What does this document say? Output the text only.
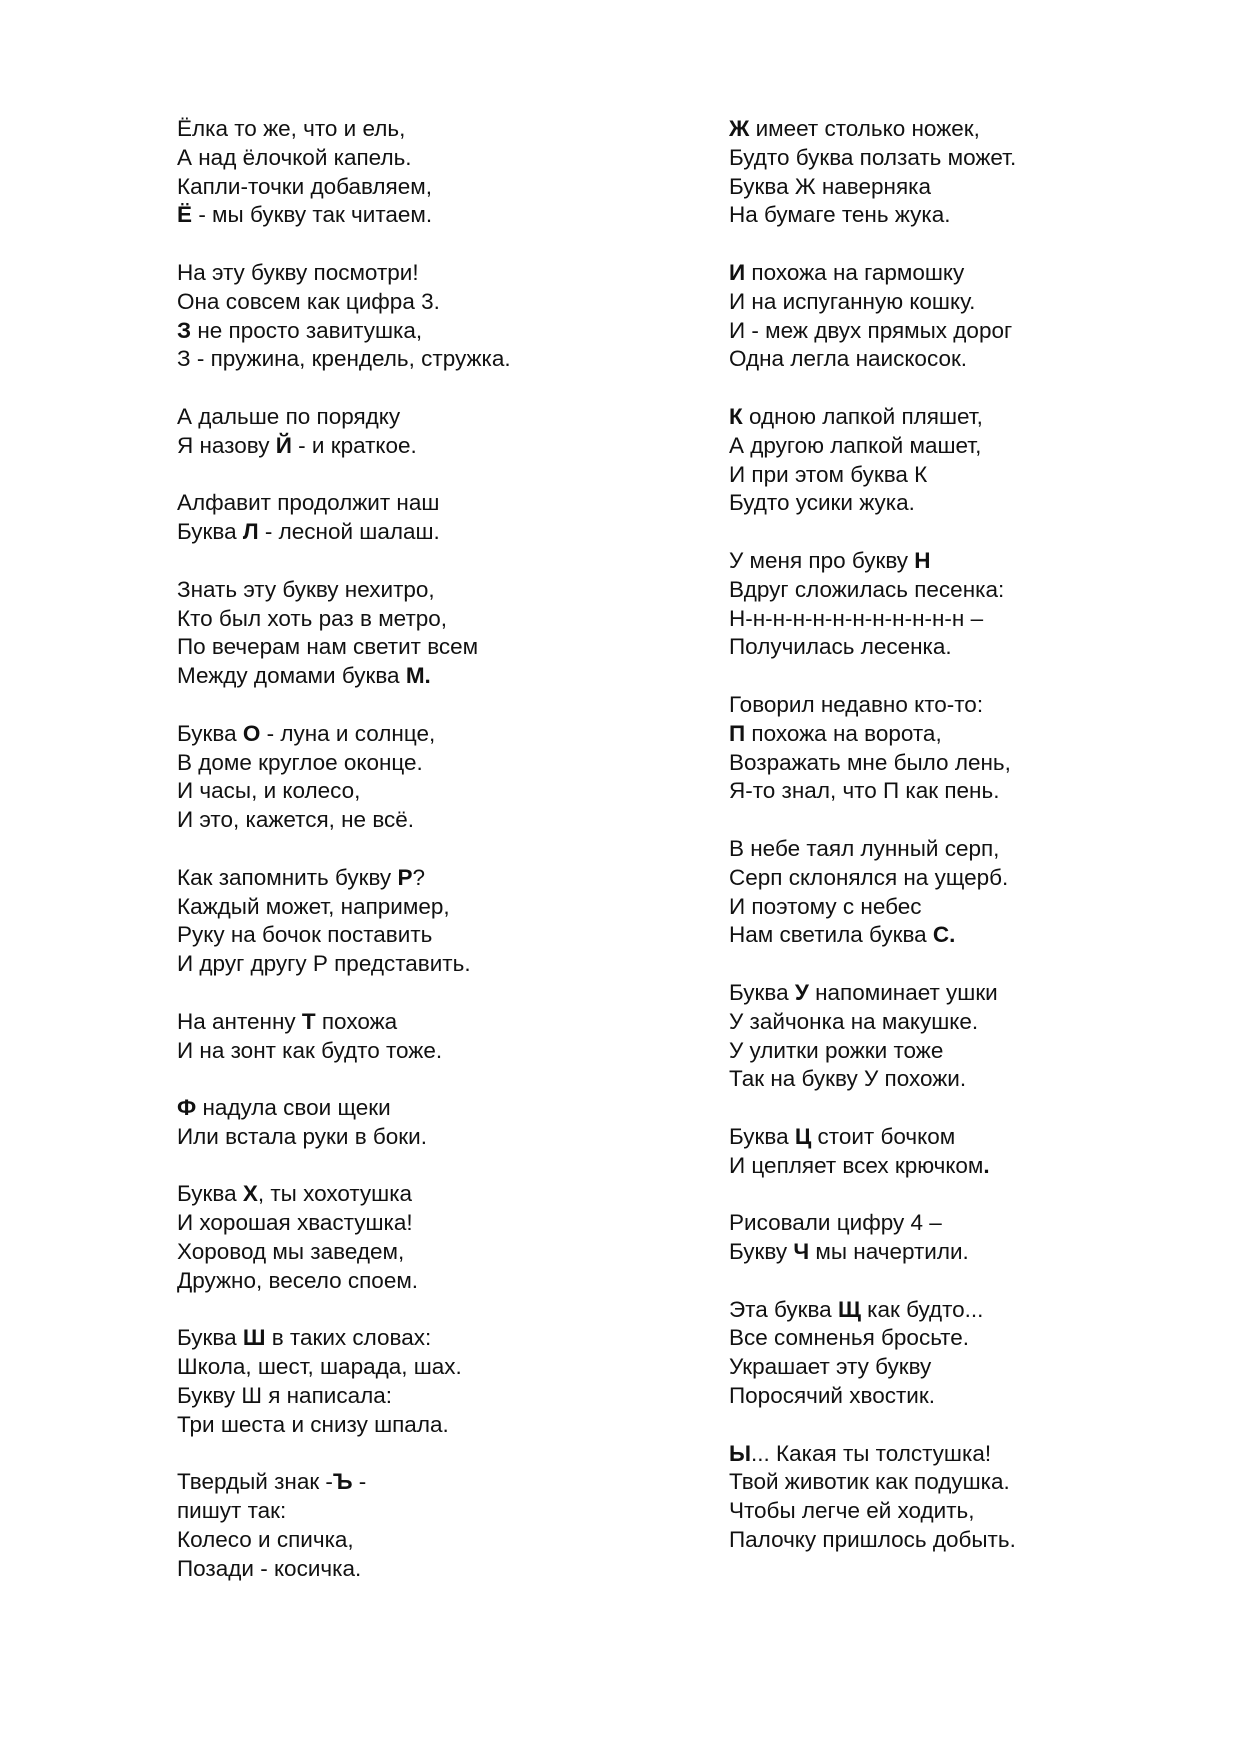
Ёлка то же, что и ель,
А над ёлочкой капель.
Капли-точки добавляем,
Ё - мы букву так читаем.
На эту букву посмотри!
Она совсем как цифра 3.
З не просто завитушка,
З - пружина, крендель, стружка.
А дальше по порядку
Я назову Й - и краткое.
Алфавит продолжит наш
Буква Л - лесной шалаш.
Знать эту букву нехитро,
Кто был хоть раз в метро,
По вечерам нам светит всем
Между домами буква М.
Буква О - луна и солнце,
В доме круглое оконце.
И часы, и колесо,
И это, кажется, не всё.
Как запомнить букву Р?
Каждый может, например,
Руку на бочок поставить
И друг другу Р представить.
На антенну Т похожа
И на зонт как будто тоже.
Ф надула свои щеки
Или встала руки в боки.
Буква Х, ты хохотушка
И хорошая хвастушка!
Хоровод мы заведем,
Дружно, весело споем.
Буква Ш в таких словах:
Школа, шест, шарада, шах.
Букву Ш я написала:
Три шеста и снизу шпала.
Твердый знак -Ъ -
пишут так:
Колесо и спичка,
Позади - косичка.
Ж имеет столько ножек,
Будто буква ползать может.
Буква Ж наверняка
На бумаге тень жука.
И похожа на гармошку
И на испуганную кошку.
И - меж двух прямых дорог
Одна легла наискосок.
К одною лапкой пляшет,
А другою лапкой машет,
И при этом буква К
Будто усики жука.
У меня про букву Н
Вдруг сложилась песенка:
Н-н-н-н-н-н-н-н-н-н-н-н –
Получилась лесенка.
Говорил недавно кто-то:
П похожа на ворота,
Возражать мне было лень,
Я-то знал, что П как пень.
В небе таял лунный серп,
Серп склонялся на ущерб.
И поэтому с небес
Нам светила буква С.
Буква У напоминает ушки
У зайчонка на макушке.
У улитки рожки тоже
Так на букву У похожи.
Буква Ц стоит бочком
И цепляет всех крючком.
Рисовали цифру 4 –
Букву Ч мы начертили.
Эта буква Щ как будто...
Все сомненья бросьте.
Украшает эту букву
Поросячий хвостик.
Ы... Какая ты толстушка!
Твой животик как подушка.
Чтобы легче ей ходить,
Палочку пришлось добыть.
